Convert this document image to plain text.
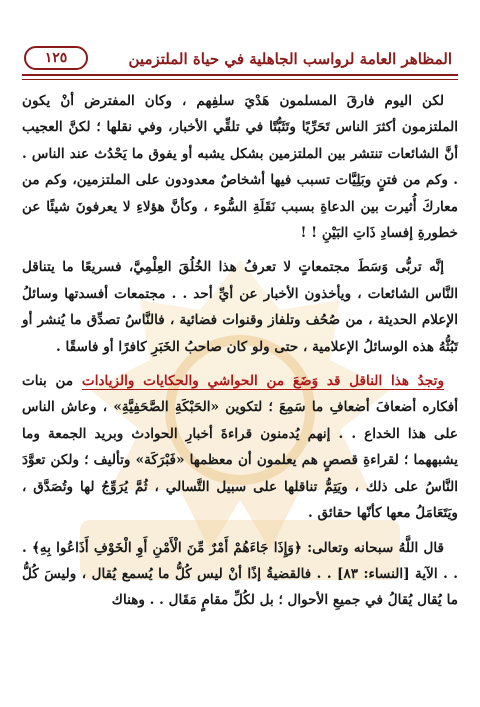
المظاهر العامة لرواسب الجاهلية في حياة الملتزمين
١٢٥

لكن اليوم فارقَ المسلمون هَدْيَ سلفِهم ، وكان المفترض أنْ يكون الملتزمون أكثرَ الناس تَحَرِّيًا وتَثَبُّتًا في تلقِّي الأخبار، وفي نقلها ؛ لكنَّ العجيب أنَّ الشائعات تنتشر بين الملتزمين بشكل يشبه أو يفوق ما يَحْدُث عند الناس . . وكم من فتنٍ وبَلِيَّات تسبب فيها أشخاصٌ معدودون على الملتزمين، وكم من معاركَ أُثيرت بين الدعاةِ بسبب نَقَلَةِ السُّوء ، وكأنَّ هؤلاءِ لا يعرفونَ شيئًا عن خطورةِ إفسادِ ذَاتِ البَيْنِ ! !

إنَّه تربُّى وَسَطَ مجتمعاتٍ لا تعرفُ هذا الخُلُقَ العِلْمِيَّ، فسريعًا ما يتناقل النَّاس الشائعات ، ويأخذون الأخبار عن أيِّ أحد . . مجتمعات أفسدتها وسائلُ الإعلام الحديثة ، من صُحُف وتلفاز وقنوات فضائية ، فالنَّاسُ تصدِّق ما يُنشر أو تَبُثُّهُ هذه الوسائلُ الإعلامية ، حتى ولو كان صاحبُ الخَبَرِ كافرًا أو فاسقًا .

وتجدُ هذا الناقل قد وَضَعَ من الحواشي والحكايات والزيادات من بنات أفكاره أضعافَ أضعافِ ما سَمِعَ ؛ لتكوين «الحَبْكَةِ الصَّحَفِيَّةِ» ، وعاش الناس على هذا الخداع . . إنهم يُدمنون قراءةَ أخبارِ الحوادث وبريد الجمعة وما يشبههما ؛ لقراءةِ قصصٍ هم يعلمون أن معظمها «فَبْرَكَة» وتأليف ؛ ولكن تعوَّدَ النَّاسُ على ذلك ، ويَتِمُّ تناقلها على سبيل التَّسالي ، ثُمَّ يُرَوِّجُ لها وتُصَدَّق ، ويَتَعَامَلُ معها كأنّها حقائق .

قال اللَّهُ سبحانه وتعالى: ﴿وَإِذَا جَاءَهُمْ أَمْرٌ مِّنَ الْأَمْنِ أَوِ الْخَوْفِ أَذَاعُوا بِهِ﴾ . . . الآية [النساء: ٨٣] . . فالقضيةُ إذًا أنْ ليس كُلُّ ما يُسمع يُقال ، وليسَ كُلُّ ما يُقال يُقالُ في جميعِ الأحوال ؛ بل لكُلِّ مقامٍ مَقَال . . وهناك
